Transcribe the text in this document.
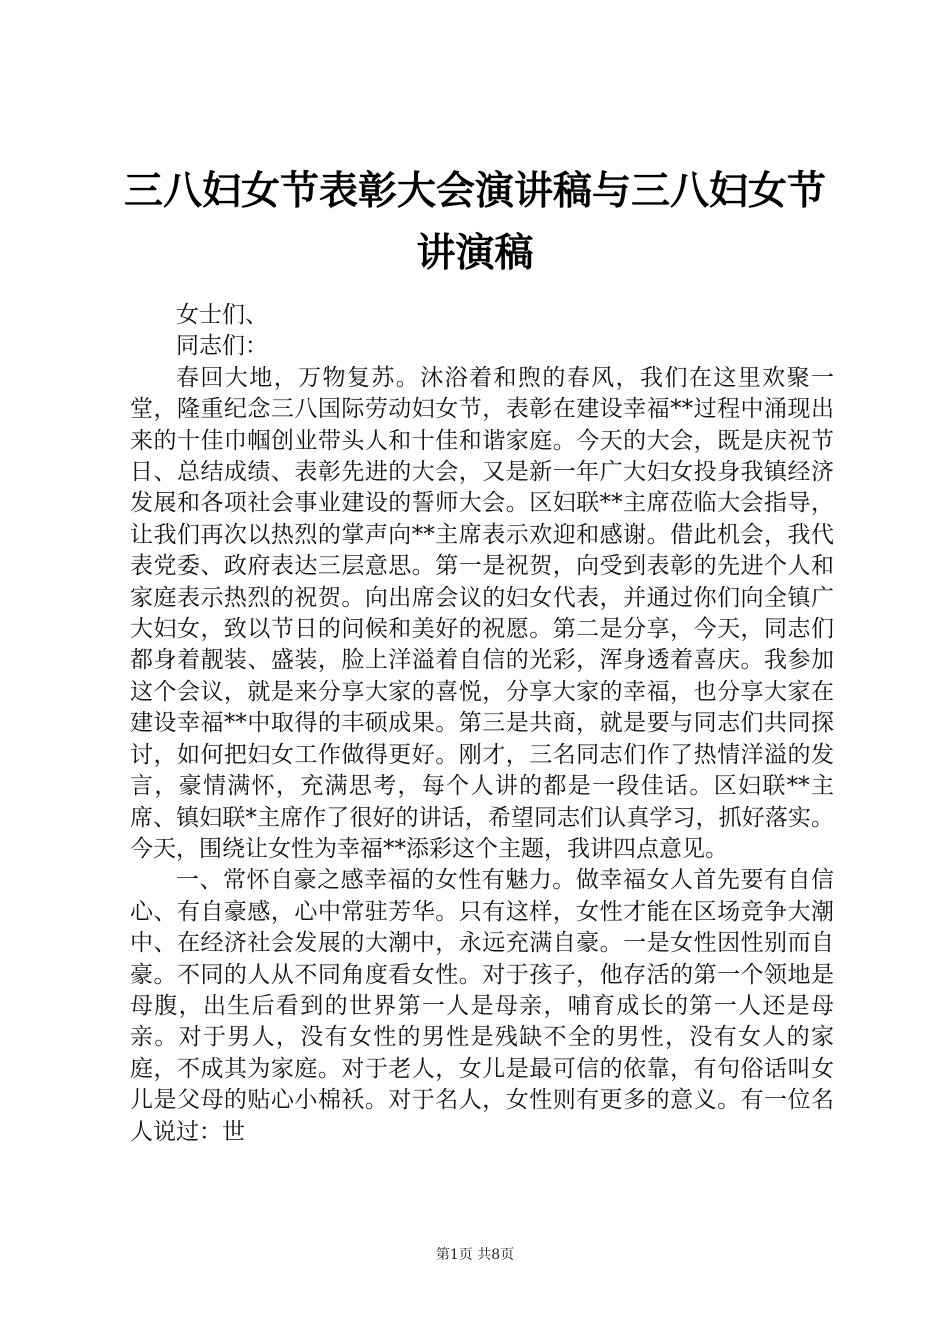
三八妇女节表彰大会演讲稿与三八妇女节讲演稿

女士们、

同志们：

春回大地，万物复苏。沐浴着和煦的春风，我们在这里欢聚一堂，隆重纪念三八国际劳动妇女节，表彰在建设幸福**过程中涌现出来的十佳巾帼创业带头人和十佳和谐家庭。今天的大会，既是庆祝节日、总结成绩、表彰先进的大会，又是新一年广大妇女投身我镇经济发展和各项社会事业建设的誓师大会。区妇联**主席莅临大会指导，让我们再次以热烈的掌声向**主席表示欢迎和感谢。借此机会，我代表党委、政府表达三层意思。第一是祝贺，向受到表彰的先进个人和家庭表示热烈的祝贺。向出席会议的妇女代表，并通过你们向全镇广大妇女，致以节日的问候和美好的祝愿。第二是分享，今天，同志们都身着靓装、盛装，脸上洋溢着自信的光彩，浑身透着喜庆。我参加这个会议，就是来分享大家的喜悦，分享大家的幸福，也分享大家在建设幸福**中取得的丰硕成果。第三是共商，就是要与同志们共同探讨，如何把妇女工作做得更好。刚才，三名同志们作了热情洋溢的发言，豪情满怀，充满思考，每个人讲的都是一段佳话。区妇联**主席、镇妇联*主席作了很好的讲话，希望同志们认真学习，抓好落实。今天，围绕让女性为幸福**添彩这个主题，我讲四点意见。

一、常怀自豪之感幸福的女性有魅力。做幸福女人首先要有自信心、有自豪感，心中常驻芳华。只有这样，女性才能在区场竞争大潮中、在经济社会发展的大潮中，永远充满自豪。一是女性因性别而自豪。不同的人从不同角度看女性。对于孩子，他存活的第一个领地是母腹，出生后看到的世界第一人是母亲，哺育成长的第一人还是母亲。对于男人，没有女性的男性是残缺不全的男性，没有女人的家庭，不成其为家庭。对于老人，女儿是最可信的依靠，有句俗话叫女儿是父母的贴心小棉袄。对于名人，女性则有更多的意义。有一位名人说过：世

第1页 共8页
